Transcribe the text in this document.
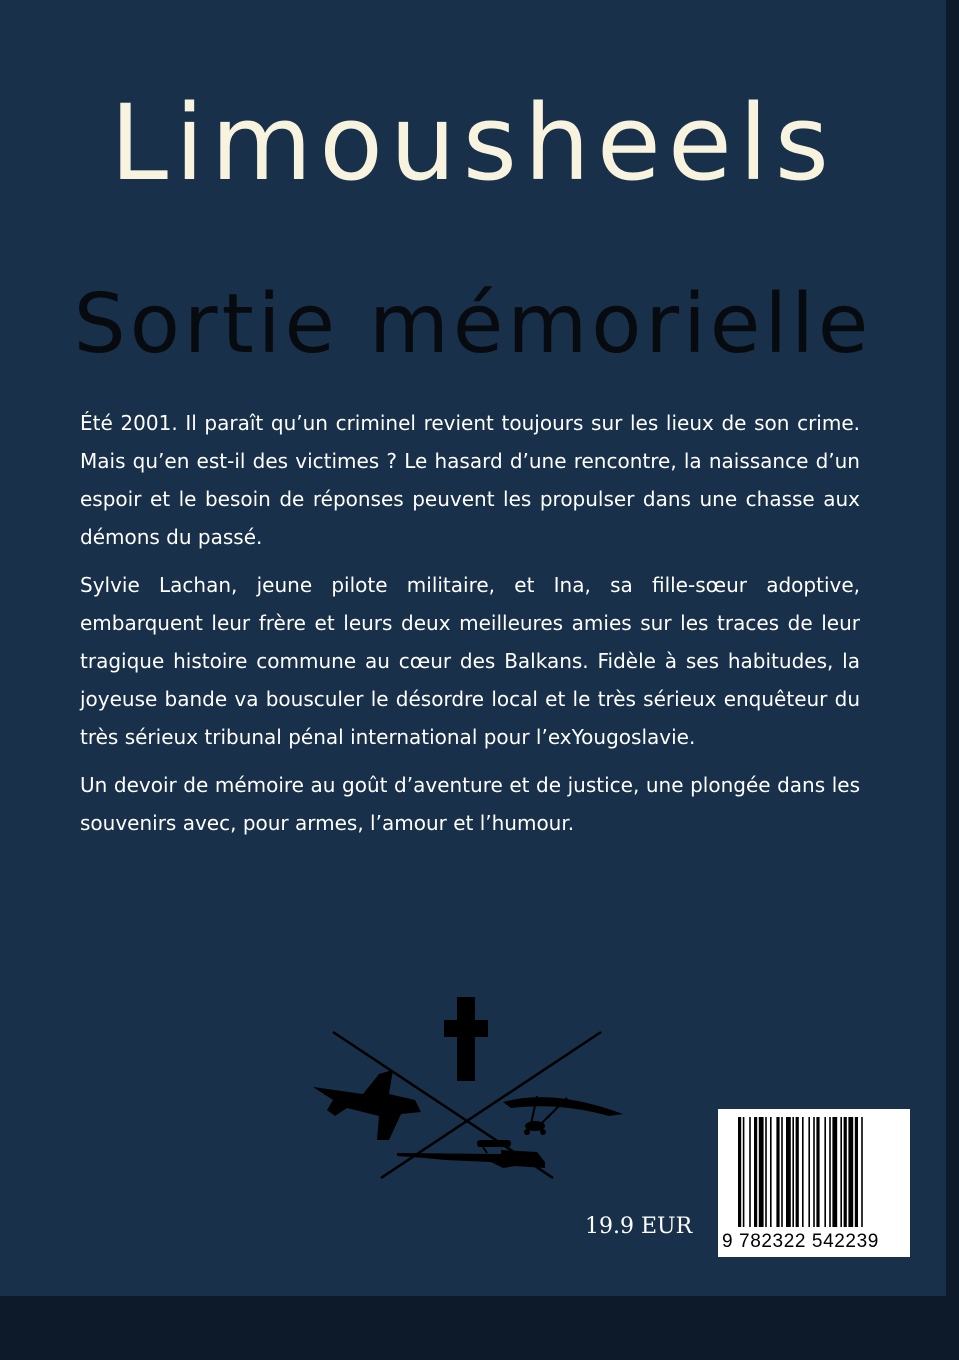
Limousheels
Sortie mémorielle

Été 2001. Il paraît qu’un criminel revient toujours sur les lieux de son crime. Mais qu’en est-il des victimes ? Le hasard d’une rencontre, la naissance d’un espoir et le besoin de réponses peuvent les propulser dans une chasse aux démons du passé.

Sylvie Lachan, jeune pilote militaire, et Ina, sa fille-sœur adoptive, embarquent leur frère et leurs deux meilleures amies sur les traces de leur tragique histoire commune au cœur des Balkans. Fidèle à ses habitudes, la joyeuse bande va bousculer le désordre local et le très sérieux enquêteur du très sérieux tribunal pénal international pour l’exYougoslavie.

Un devoir de mémoire au goût d’aventure et de justice, une plongée dans les souvenirs avec, pour armes, l’amour et l’humour.

19.9 EUR
9 782322 542239
